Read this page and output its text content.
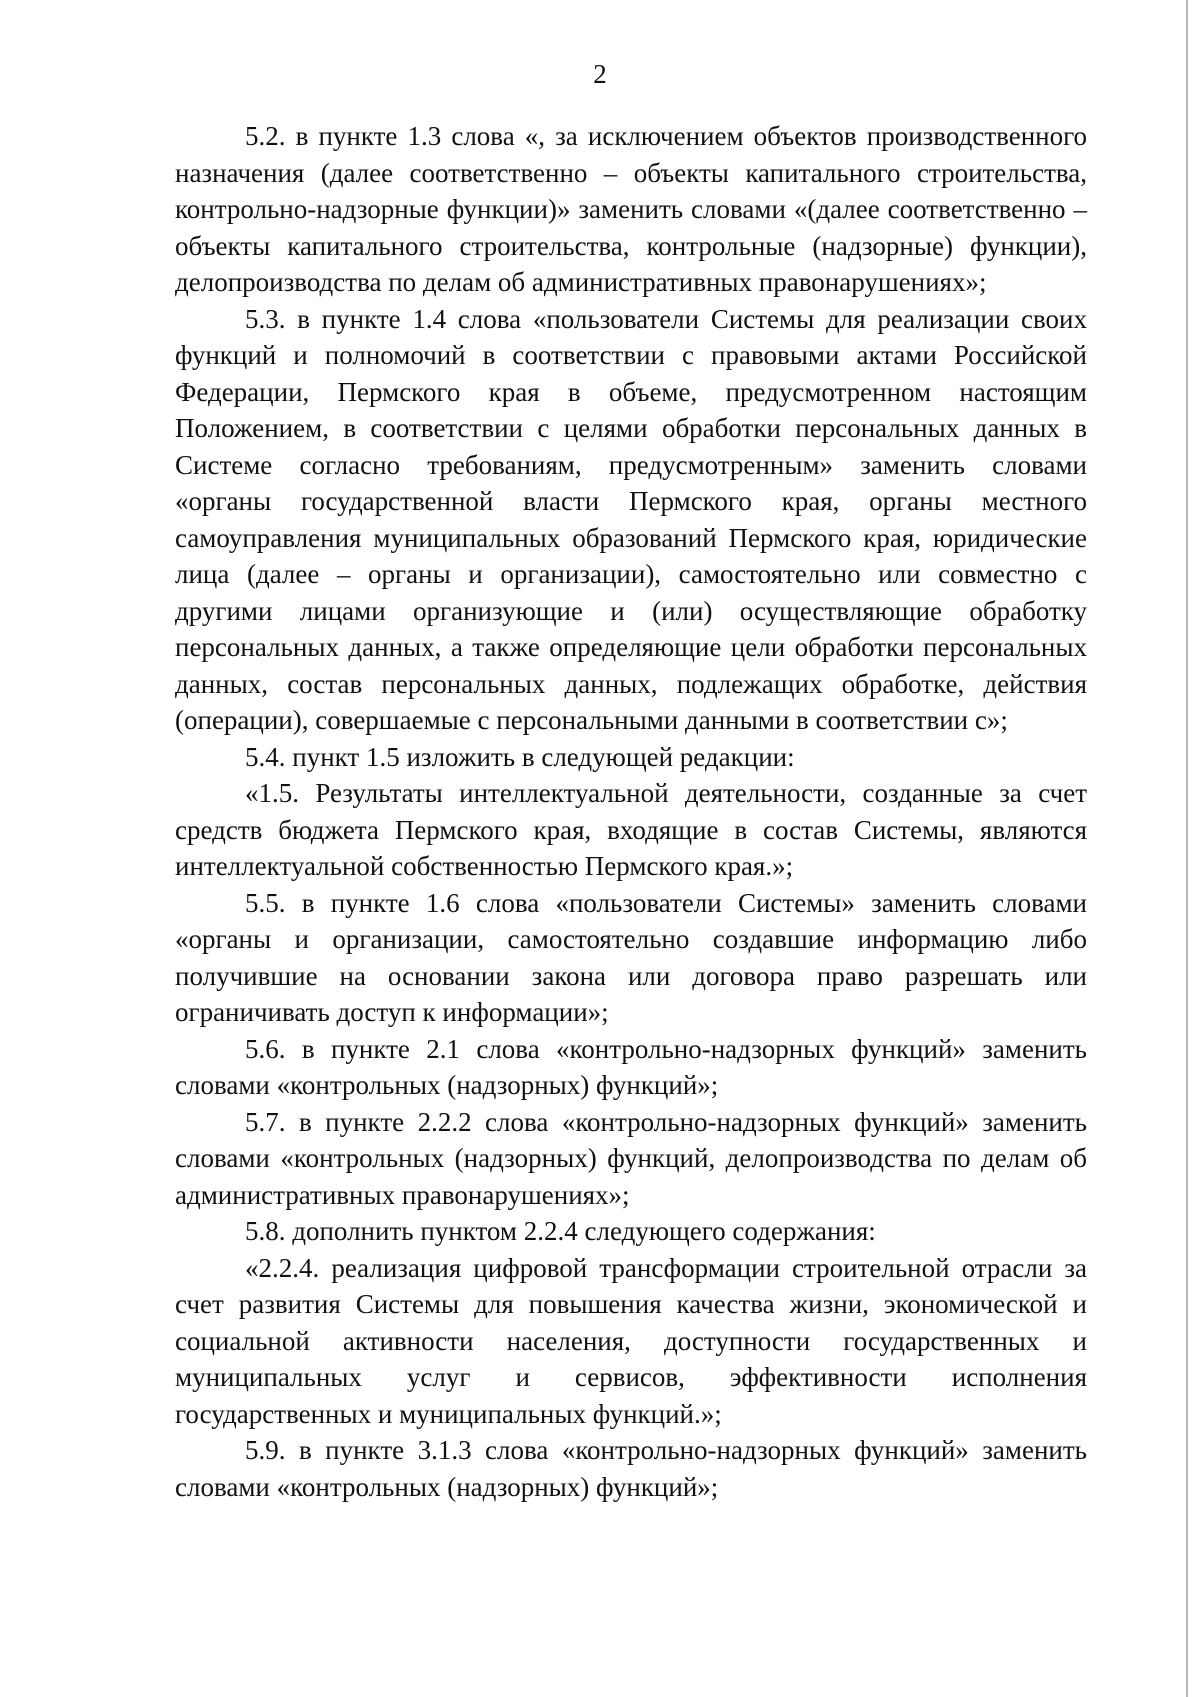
2

5.2. в пункте 1.3 слова «, за исключением объектов производственного назначения (далее соответственно – объекты капитального строительства, контрольно-надзорные функции)» заменить словами «(далее соответственно – объекты капитального строительства, контрольные (надзорные) функции), делопроизводства по делам об административных правонарушениях»;

5.3. в пункте 1.4 слова «пользователи Системы для реализации своих функций и полномочий в соответствии с правовыми актами Российской Федерации, Пермского края в объеме, предусмотренном настоящим Положением, в соответствии с целями обработки персональных данных в Системе согласно требованиям, предусмотренным» заменить словами «органы государственной власти Пермского края, органы местного самоуправления муниципальных образований Пермского края, юридические лица (далее – органы и организации), самостоятельно или совместно с другими лицами организующие и (или) осуществляющие обработку персональных данных, а также определяющие цели обработки персональных данных, состав персональных данных, подлежащих обработке, действия (операции), совершаемые с персональными данными в соответствии с»;

5.4. пункт 1.5 изложить в следующей редакции:

«1.5. Результаты интеллектуальной деятельности, созданные за счет средств бюджета Пермского края, входящие в состав Системы, являются интеллектуальной собственностью Пермского края.»;

5.5. в пункте 1.6 слова «пользователи Системы» заменить словами «органы и организации, самостоятельно создавшие информацию либо получившие на основании закона или договора право разрешать или ограничивать доступ к информации»;

5.6. в пункте 2.1 слова «контрольно-надзорных функций» заменить словами «контрольных (надзорных) функций»;

5.7. в пункте 2.2.2 слова «контрольно-надзорных функций» заменить словами «контрольных (надзорных) функций, делопроизводства по делам об административных правонарушениях»;

5.8. дополнить пунктом 2.2.4 следующего содержания:

«2.2.4. реализация цифровой трансформации строительной отрасли за счет развития Системы для повышения качества жизни, экономической и социальной активности населения, доступности государственных и муниципальных услуг и сервисов, эффективности исполнения государственных и муниципальных функций.»;

5.9. в пункте 3.1.3 слова «контрольно-надзорных функций» заменить словами «контрольных (надзорных) функций»;
